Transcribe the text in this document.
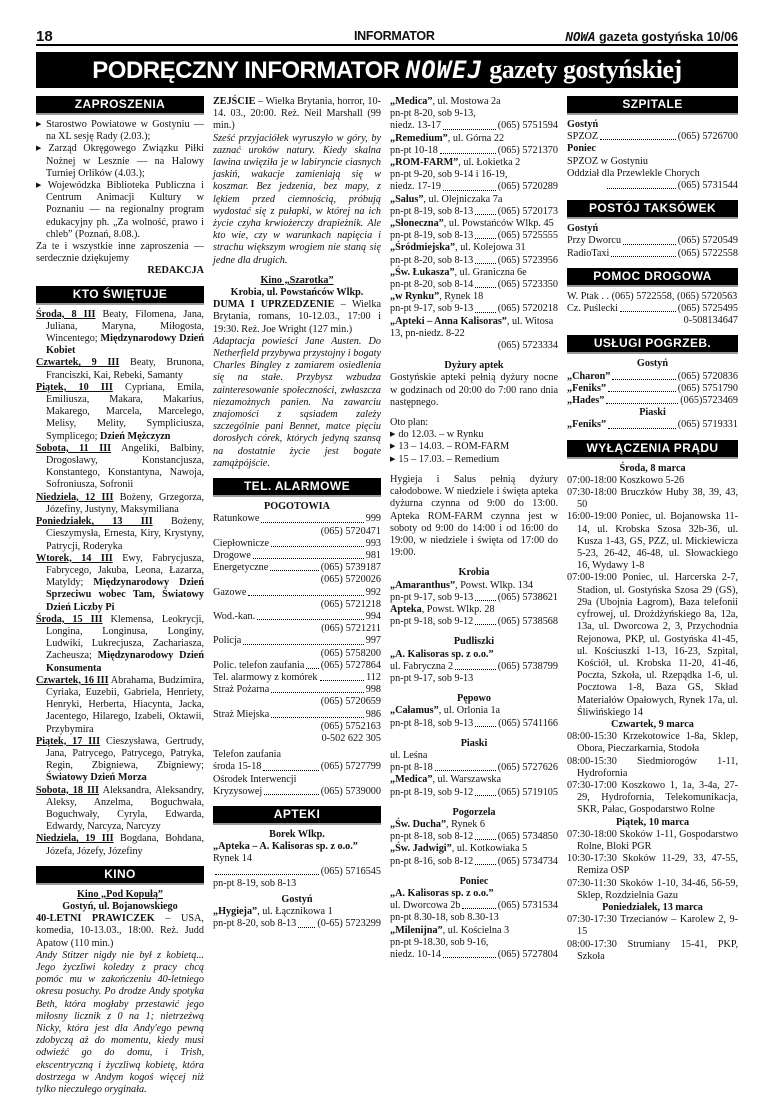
18	INFORMATOR	NOWA gazeta gostyńska 10/06
PODRĘCZNY INFORMATOR NOWEJ gazety gostyńskiej
ZAPROSZENIA

▶ Starostwo Powiatowe w Gostyniu — na XL sesję Rady (2.03.);

▶ Zarząd Okręgowego Związku Piłki Nożnej w Lesznie — na Halowy Turniej Orlików (4.03.);

▶ Wojewódzka Biblioteka Publiczna i Centrum Animacji Kultury w Poznaniu — na regionalny program edukacyjny ph. „Za wolność, prawo i chleb” (Poznań, 8.08.).

Za te i wszystkie inne zaproszenia — serdecznie dziękujemy

REDAKCJA

KTO ŚWIĘTUJE

Środa, 8 III Beaty, Filomena, Jana, Juliana, Maryna, Miłogosta, Wincentego; Międzynarodowy Dzień Kobiet

Czwartek, 9 III Beaty, Brunona, Franciszki, Kai, Rebeki, Samanty

Piątek, 10 III Cypriana, Emila, Emiliusza, Makara, Makarius, Makarego, Marcela, Marcelego, Melisy, Melity, Sympliciusza, Symplicego; Dzień Mężczyzn

Sobota, 11 III Angeliki, Balbiny, Drogosławy, Konstancjusza, Konstantego, Konstantyna, Nawoja, Sofroniusza, Sofronii

Niedziela, 12 III Bożeny, Grzegorza, Józefiny, Justyny, Maksymiliana

Poniedziałek, 13 III Bożeny, Cieszymysła, Ernesta, Kiry, Krystyny, Patrycji, Roderyka

Wtorek, 14 III Ewy, Fabrycjusza, Fabrycego, Jakuba, Leona, Łazarza, Matyldy; Międzynarodowy Dzień Sprzeciwu wobec Tam, Światowy Dzień Liczby Pi

Środa, 15 III Klemensa, Leokrycji, Longina, Longinusa, Longiny, Ludwiki, Lukrecjusza, Zachariasza, Zacheusza; Międzynarodowy Dzień Konsumenta

Czwartek, 16 III Abrahama, Budzimira, Cyriaka, Euzebii, Gabriela, Henriety, Henryki, Herberta, Hiacynta, Jacka, Jacentego, Hilarego, Izabeli, Oktawii, Przybymira

Piątek, 17 III Cieszysława, Gertrudy, Jana, Patrycego, Patrycego, Patryka, Regin, Zbigniewa, Zbigniewy; Światowy Dzień Morza

Sobota, 18 III Aleksandra, Aleksandry, Aleksy, Anzelma, Boguchwała, Boguchwały, Cyryla, Edwarda, Edwardy, Narcyza, Narcyzy

Niedziela, 19 III Bogdana, Bohdana, Józefa, Józefy, Józefiny

KINO

Kino „Pod Kopułą”

Gostyń, ul. Bojanowskiego

40-LETNI PRAWICZEK – USA, komedia, 10-13.03., 18:00. Reż. Judd Apatow (110 min.)

Andy Stitzer nigdy nie był z kobietą... Jego życzliwi koledzy z pracy chcą pomóc mu w zakończeniu 40-letniego okresu posuchy. Po drodze Andy spotyka Beth, która mogłaby przestawić jego miłosny licznik z 0 na 1; nietrzeźwą Nicky, która jest dla Andy'ego pewną zdobyczą aż do momentu, kiedy musi odwieźć go do domu, i Trish, ekscentryczną i życzliwą kobietę, która dostrzega w Andym kogoś więcej niż tylko nieczułego oryginała.

ZEJŚCIE – Wielka Brytania, horror, 10-14. 03., 20:00. Reż. Neil Marshall (99 min.)

Sześć przyjaciółek wyruszyło w góry, by zaznać uroków natury. Kiedy skalna lawina uwięziła je w labiryncie ciasnych jaskiń, wakacje zamieniają się w koszmar. Bez jedzenia, bez mapy, z lękiem przed ciemnością, próbują wydostać się z pułapki, w której na ich życie czyha krwiożerczy drapieżnik. Ale kto wie, czy w warunkach napięcia i strachu większym wrogiem nie staną się jedne dla drugich.

Kino „Szarotka”

Krobia, ul. Powstańców Wlkp.

DUMA I UPRZEDZENIE – Wielka Brytania, romans, 10-12.03., 17:00 i 19:30. Reż. Joe Wright (127 min.)

Adaptacja powieści Jane Austen. Do Netherfield przybywa przystojny i bogaty Charles Bingley z zamiarem osiedlenia się na stałe. Przybysz wzbudza zainteresowanie społeczności, zwłaszcza niezamożnych panien. Na zawarciu znajomości z sąsiadem zależy szczególnie pani Bennet, matce pięciu dorosłych córek, których jedyną szansą na dostatnie życie jest bogate zamążpójście.

TEL. ALARMOWE

POGOTOWIA

Ratunkowe	999

(065) 5720471

Ciepłownicze	993
Drogowe	981
Energetyczne	(065) 5739187

(065) 5720026

Gazowe	992

(065) 5721218

Wod.-kan.	994

(065) 5721211

Policja	997

(065) 5758200

Polic. telefon zaufania (065) 5727864
Tel. alarmowy z komórek	112
Straż Pożarna	998

(065) 5720659

Straż Miejska	986

(065) 5752163

0-502 622 305

Telefon zaufania

środa 15-18	(065) 5727799

Ośrodek Interwencji

Kryzysowej	(065) 5739000
APTEKI

Borek Wlkp.

„Apteka – A. Kalisoras sp. z o.o.” Rynek 14

(065) 5716545

pn-pt 8-19, sob 8-13

Gostyń

„Hygieja”, ul. Łącznikowa 1

pn-pt 8-20, sob 8-13 (0-65) 5723299

„Medica”, ul. Mostowa 2a

pn-pt 8-20, sob 9-13,

niedz. 13-17	(065) 5751594

„Remedium”, ul. Górna 22

pn-pt 10-18	(065) 5721370

„ROM-FARM”, ul. Łokietka 2

pn-pt 9-20, sob 9-14 i 16-19,

niedz. 17-19	(065) 5720289

„Salus”, ul. Olejniczaka 7a

pn-pt 8-19, sob 8-13 (065) 5720173

„Słoneczna”, ul. Powstańców Wlkp. 45

pn-pt 8-19, sob 8-13 (065) 5725555

„Śródmiejska”, ul. Kolejowa 31

pn-pt 8-20, sob 8-13 (065) 5723956

„Św. Łukasza”, ul. Graniczna 6e

pn-pt 8-20, sob 8-14 (065) 5723350

„w Rynku”, Rynek 18

pn-pt 9-17, sob 9-13 (065) 5720218

„Apteki – Anna Kalisoras”, ul. Witosa 13, pn-niedz. 8-22

(065) 5723334

Dyżury aptek

Gostyńskie apteki pełnią dyżury nocne w godzinach od 20:00 do 7:00 rano dnia następnego.

Oto plan:

▶ do 12.03. – w Rynku

▶ 13 – 14.03. – ROM-FARM

▶ 15 – 17.03. – Remedium

Hygieja i Salus pełnią dyżury całodobowe. W niedziele i święta apteka dyżurna czynna od 9:00 do 13:00. Apteka ROM-FARM czynna jest w soboty od 9:00 do 14:00 i od 16:00 do 19:00, w niedziele i święta od 17:00 do 19:00.

Krobia

„Amaranthus”, Powst. Wlkp. 134

pn-pt 9-17, sob 9-13 (065) 5738621

Apteka, Powst. Wlkp. 28

pn-pt 9-18, sob 9-12 (065) 5738568

Pudliszki

„A. Kalisoras sp. z o.o.”

ul. Fabryczna 2	(065) 5738799

pn-pt 9-17, sob 9-13

Pępowo

„Całamus”, ul. Orlonia 1a

pn-pt 8-18, sob 9-13 (065) 5741166

Piaski

ul. Leśna

pn-pt 8-18	(065) 5727626

„Medica”, ul. Warszawska

pn-pt 8-19, sob 9-12 (065) 5719105

Pogorzela

„Św. Ducha”, Rynek 6

pn-pt 8-18, sob 8-12 (065) 5734850

„Św. Jadwigi”, ul. Kotkowiaka 5

pn-pt 8-16, sob 8-12 (065) 5734734

Poniec

„A. Kalisoras sp. z o.o.”

ul. Dworcowa 2b	(065) 5731534

pn-pt 8.30-18, sob 8.30-13

„Milenijna”, ul. Kościelna 3

pn-pt 9-18.30, sob 9-16,

niedz. 10-14	(065) 5727804
SZPITALE

Gostyń

SPZOZ	(065) 5726700

Poniec

SPZOZ w Gostyniu

Oddział dla Przewlekle Chorych

(065) 5731544
POSTÓJ TAKSÓWEK

Gostyń

Przy Dworcu	(065) 5720549
RadioTaxi	(065) 5722558
POMOC DROGOWA

W. Ptak . . (065) 5722558, (065) 5720563

Cz. Puślecki	(065) 5725495

0-508134647

USŁUGI POGRZEB.

Gostyń

„Charon”	(065) 5720836
„Feniks”	(065) 5751790
„Hades”	(065)5723469

Piaski

„Feniks”	(065) 5719331
WYŁĄCZENIA PRĄDU

Środa, 8 marca

07:00-18:00 Koszkowo 5-26

07:30-18:00 Bruczków Huby 38, 39, 43, 50

16:00-19:00 Poniec, ul. Bojanowska 11-14, ul. Krobska Szosa 32b-36, ul. Kusza 1-43, GS, PZZ, ul. Mickiewicza 5-23, 26-42, 46-48, ul. Słowackiego 16, Wydawy 1-8

07:00-19:00 Poniec, ul. Harcerska 2-7, Stadion, ul. Gostyńska Szosa 29 (GS), 29a (Ubojnia Łagrom), Baza telefonii cyfrowej, ul. Drożdżyńskiego 8a, 12a, 13a, ul. Dworcowa 2, 3, Przychodnia Rejonowa, PKP, ul. Gostyńska 41-45, ul. Kościuszki 1-13, 16-23, Szpital, Kościół, ul. Krobska 11-20, 41-46, Poczta, Szkoła, ul. Rzepądka 1-6, ul. Pocztowa 1-8, Baza GS, Skład Materiałów Opałowych, Rynek 17a, ul. Śliwińskiego 14

Czwartek, 9 marca

08:00-15:30 Krzekotowice 1-8a, Sklep, Obora, Pieczarkarnia, Stodoła

08:00-15:30 Siedmiorogów 1-11, Hydrofornia

07:30-17:00 Koszkowo 1, 1a, 3-4a, 27-29, Hydrofornia, Telekomunikacja, SKR, Pałac, Gospodarstwo Rolne

Piątek, 10 marca

07:30-18:00 Skoków 1-11, Gospodarstwo Rolne, Bloki PGR

10:30-17:30 Skoków 11-29, 33, 47-55, Remiza OSP

07:30-11:30 Skoków 1-10, 34-46, 56-59, Sklep, Rozdzielnia Gazu

Poniedziałek, 13 marca

07:30-17:30 Trzecianów – Karolew 2, 9-15

08:00-17:30 Strumiany 15-41, PKP, Szkoła
